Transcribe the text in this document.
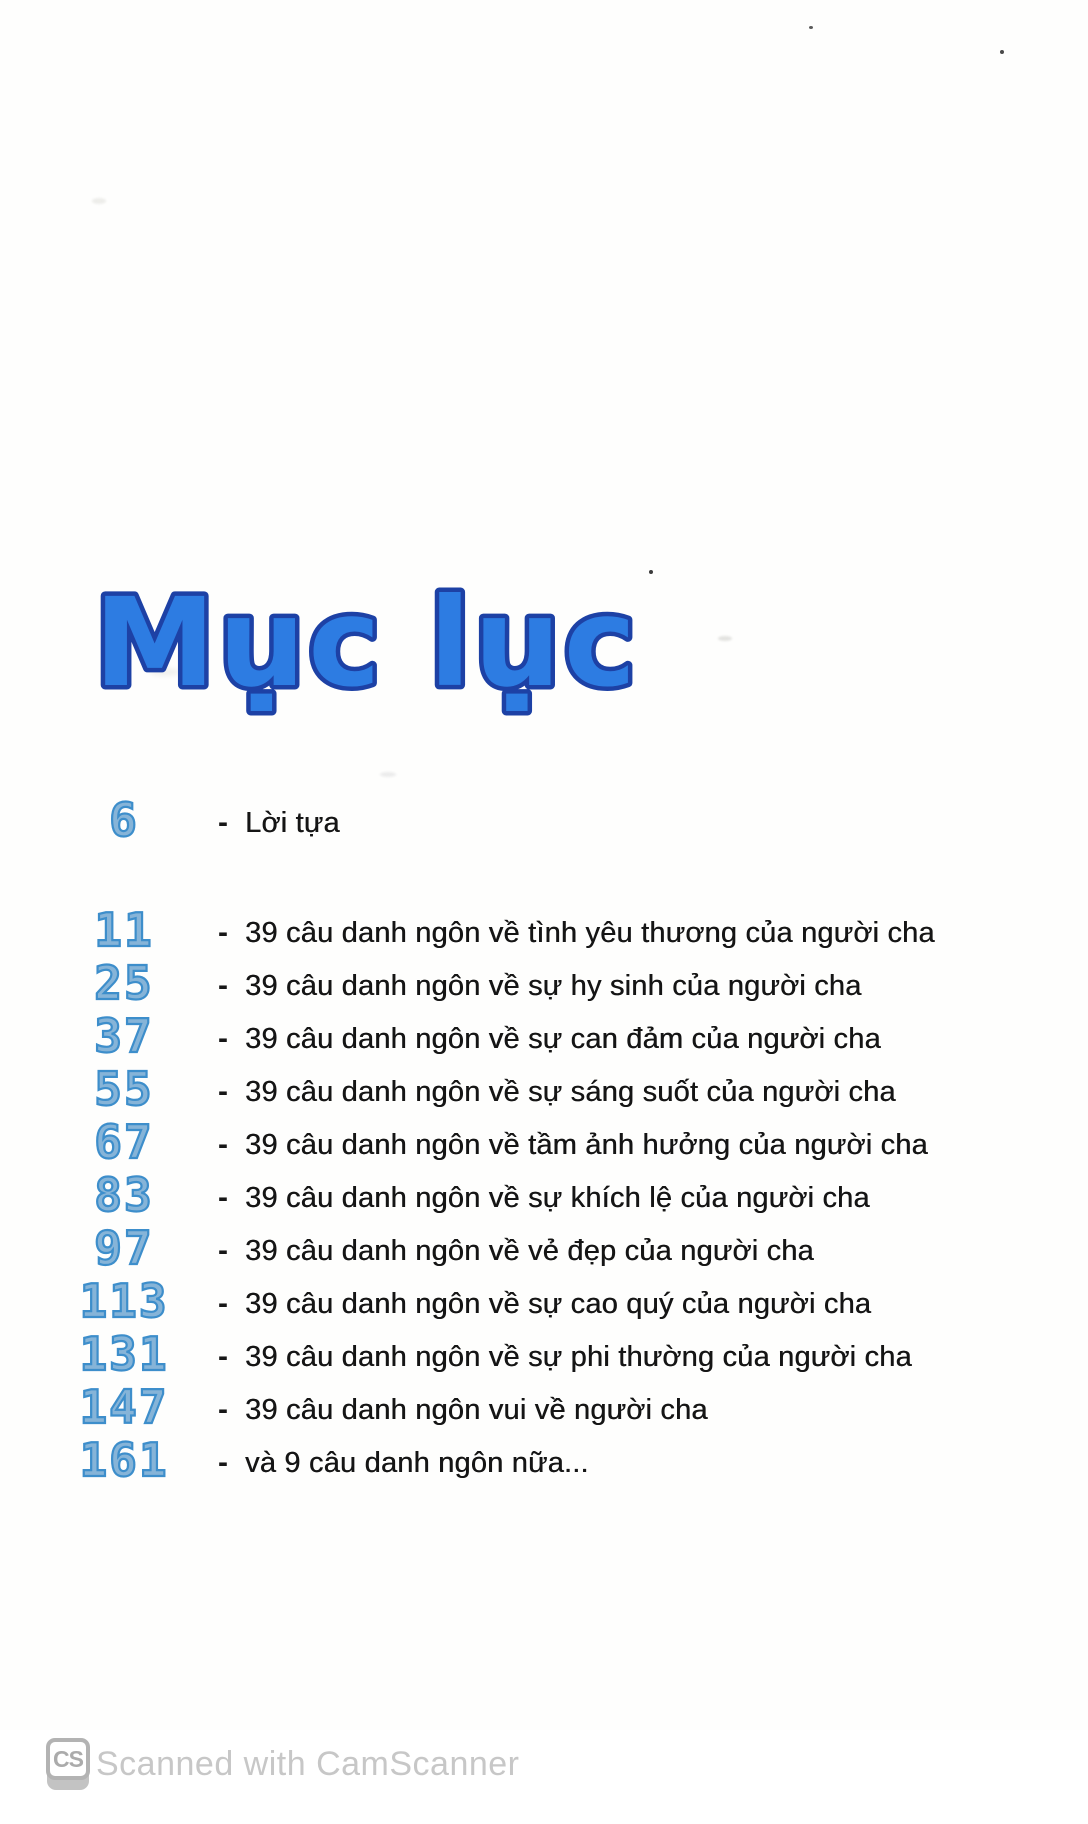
Mục lục
6	- Lời tựa
11	- 39 câu danh ngôn về tình yêu thương của người cha
25	- 39 câu danh ngôn về sự hy sinh của người cha
37	- 39 câu danh ngôn về sự can đảm của người cha
55	- 39 câu danh ngôn về sự sáng suốt của người cha
67	- 39 câu danh ngôn về tầm ảnh hưởng của người cha
83	- 39 câu danh ngôn về sự khích lệ của người cha
97	- 39 câu danh ngôn về vẻ đẹp của người cha
113 - 39 câu danh ngôn về sự cao quý của người cha
131 - 39 câu danh ngôn về sự phi thường của người cha
147 - 39 câu danh ngôn vui về người cha
161 - và 9 câu danh ngôn nữa...
CS Scanned with CamScanner
